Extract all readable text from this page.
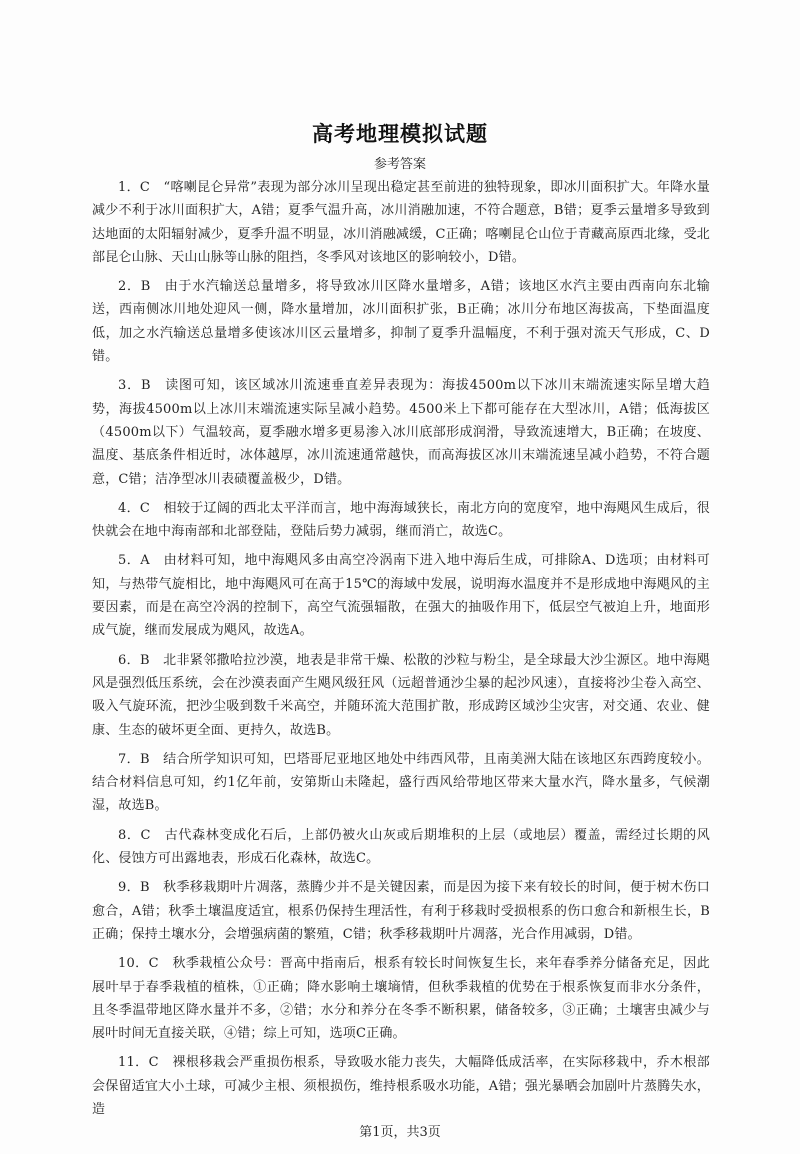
高考地理模拟试题
参考答案

1．C　“喀喇昆仑异常”表现为部分冰川呈现出稳定甚至前进的独特现象，即冰川面积扩大。年降水量减少不利于冰川面积扩大，A错；夏季气温升高，冰川消融加速，不符合题意，B错；夏季云量增多导致到达地面的太阳辐射减少，夏季升温不明显，冰川消融减缓，C正确；喀喇昆仑山位于青藏高原西北缘，受北部昆仑山脉、天山山脉等山脉的阻挡，冬季风对该地区的影响较小，D错。

2．B　由于水汽输送总量增多，将导致冰川区降水量增多，A错；该地区水汽主要由西南向东北输送，西南侧冰川地处迎风一侧，降水量增加，冰川面积扩张，B正确；冰川分布地区海拔高，下垫面温度低，加之水汽输送总量增多使该冰川区云量增多，抑制了夏季升温幅度，不利于强对流天气形成，C、D错。

3．B　读图可知，该区域冰川流速垂直差异表现为：海拔4500m以下冰川末端流速实际呈增大趋势，海拔4500m以上冰川末端流速实际呈减小趋势。4500米上下都可能存在大型冰川，A错；低海拔区（4500m以下）气温较高，夏季融水增多更易渗入冰川底部形成润滑，导致流速增大，B正确；在坡度、温度、基底条件相近时，冰体越厚，冰川流速通常越快，而高海拔区冰川末端流速呈减小趋势，不符合题意，C错；洁净型冰川表碛覆盖极少，D错。

4．C　相较于辽阔的西北太平洋而言，地中海海域狭长，南北方向的宽度窄，地中海飓风生成后，很快就会在地中海南部和北部登陆，登陆后势力减弱，继而消亡，故选C。

5．A　由材料可知，地中海飓风多由高空冷涡南下进入地中海后生成，可排除A、D选项；由材料可知，与热带气旋相比，地中海飓风可在高于15℃的海域中发展，说明海水温度并不是形成地中海飓风的主要因素，而是在高空冷涡的控制下，高空气流强辐散，在强大的抽吸作用下，低层空气被迫上升，地面形成气旋，继而发展成为飓风，故选A。

6．B　北非紧邻撒哈拉沙漠，地表是非常干燥、松散的沙粒与粉尘，是全球最大沙尘源区。地中海飓风是强烈低压系统，会在沙漠表面产生飓风级狂风（远超普通沙尘暴的起沙风速），直接将沙尘卷入高空、吸入气旋环流，把沙尘吸到数千米高空，并随环流大范围扩散，形成跨区域沙尘灾害，对交通、农业、健康、生态的破坏更全面、更持久，故选B。

7．B　结合所学知识可知，巴塔哥尼亚地区地处中纬西风带，且南美洲大陆在该地区东西跨度较小。结合材料信息可知，约1亿年前，安第斯山未隆起，盛行西风给带地区带来大量水汽，降水量多，气候潮湿，故选B。

8．C　古代森林变成化石后，上部仍被火山灰或后期堆积的上层（或地层）覆盖，需经过长期的风化、侵蚀方可出露地表，形成石化森林，故选C。

9．B　秋季移栽期叶片凋落，蒸腾少并不是关键因素，而是因为接下来有较长的时间，便于树木伤口愈合，A错；秋季土壤温度适宜，根系仍保持生理活性，有利于移栽时受损根系的伤口愈合和新根生长，B正确；保持土壤水分，会增强病菌的繁殖，C错；秋季移栽期叶片凋落，光合作用减弱，D错。

10．C　秋季栽植公众号：晋高中指南后，根系有较长时间恢复生长，来年春季养分储备充足，因此展叶早于春季栽植的植株，①正确；降水影响土壤墒情，但秋季栽植的优势在于根系恢复而非水分条件，且冬季温带地区降水量并不多，②错；水分和养分在冬季不断积累，储备较多，③正确；土壤害虫减少与展叶时间无直接关联，④错；综上可知，选项C正确。

11．C　裸根移栽会严重损伤根系，导致吸水能力丧失，大幅降低成活率，在实际移栽中，乔木根部会保留适宜大小土球，可减少主根、须根损伤，维持根系吸水功能，A错；强光暴晒会加剧叶片蒸腾失水，造

第1页，共3页
